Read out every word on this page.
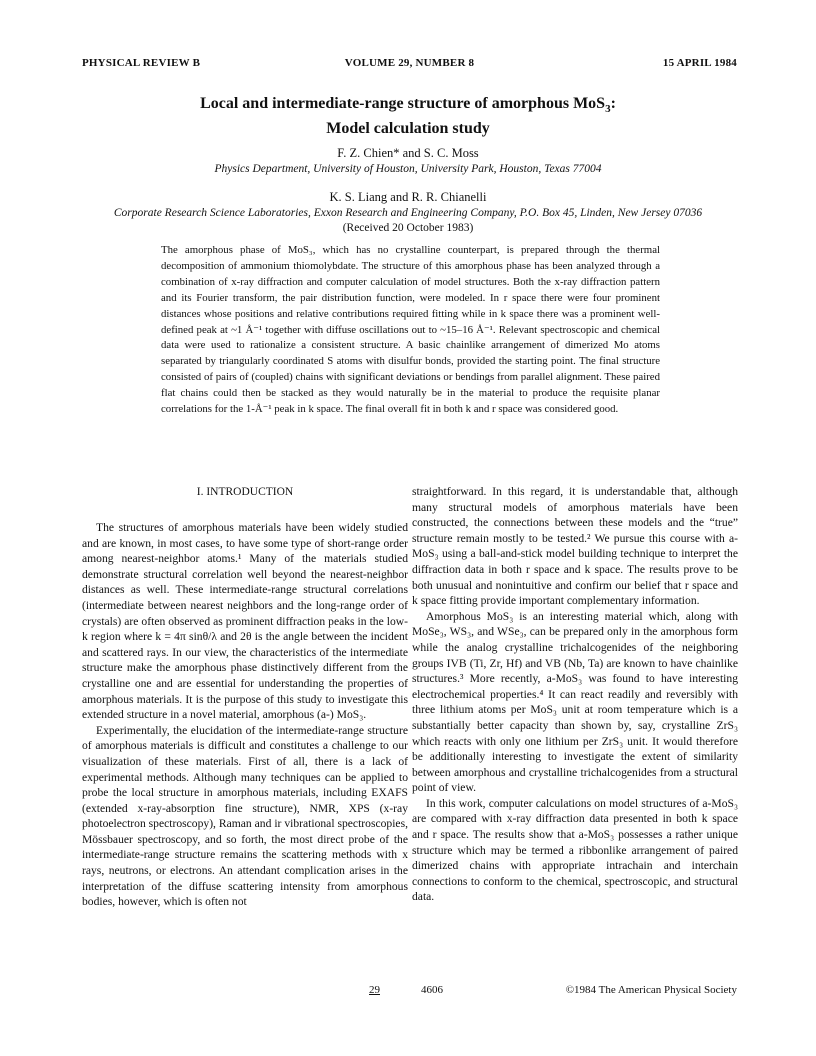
PHYSICAL REVIEW B	VOLUME 29, NUMBER 8	15 APRIL 1984
Local and intermediate-range structure of amorphous MoS$_3$:
Model calculation study
F. Z. Chien* and S. C. Moss
Physics Department, University of Houston, University Park, Houston, Texas 77004
K. S. Liang and R. R. Chianelli
Corporate Research Science Laboratories, Exxon Research and Engineering Company, P.O. Box 45, Linden, New Jersey 07036
(Received 20 October 1983)
The amorphous phase of MoS₃, which has no crystalline counterpart, is prepared through the thermal decomposition of ammonium thiomolybdate. The structure of this amorphous phase has been analyzed through a combination of x-ray diffraction and computer calculation of model structures. Both the x-ray diffraction pattern and its Fourier transform, the pair distribution function, were modeled. In r space there were four prominent distances whose positions and relative contributions required fitting while in k space there was a prominent well-defined peak at ~1 Å⁻¹ together with diffuse oscillations out to ~15–16 Å⁻¹. Relevant spectroscopic and chemical data were used to rationalize a consistent structure. A basic chainlike arrangement of dimerized Mo atoms separated by triangularly coordinated S atoms with disulfur bonds, provided the starting point. The final structure consisted of pairs of (coupled) chains with significant deviations or bendings from parallel alignment. These paired flat chains could then be stacked as they would naturally be in the material to produce the requisite planar correlations for the 1-Å⁻¹ peak in k space. The final overall fit in both k and r space was considered good.
I. INTRODUCTION

The structures of amorphous materials have been widely studied and are known, in most cases, to have some type of short-range order among nearest-neighbor atoms.¹ Many of the materials studied demonstrate structural correlation well beyond the nearest-neighbor distances as well. These intermediate-range structural correlations (intermediate between nearest neighbors and the long-range order of crystals) are often observed as prominent diffraction peaks in the low-k region where k = 4π sinθ/λ and 2θ is the angle between the incident and scattered rays. In our view, the characteristics of the intermediate structure make the amorphous phase distinctively different from the crystalline one and are essential for understanding the properties of amorphous materials. It is the purpose of this study to investigate this extended structure in a novel material, amorphous (a-) MoS₃.

Experimentally, the elucidation of the intermediate-range structure of amorphous materials is difficult and constitutes a challenge to our visualization of these materials. First of all, there is a lack of experimental methods. Although many techniques can be applied to probe the local structure in amorphous materials, including EXAFS (extended x-ray-absorption fine structure), NMR, XPS (x-ray photoelectron spectroscopy), Raman and ir vibrational spectroscopies, Mössbauer spectroscopy, and so forth, the most direct probe of the intermediate-range structure remains the scattering methods with x rays, neutrons, or electrons. An attendant complication arises in the interpretation of the diffuse scattering intensity from amorphous bodies, however, which is often not

straightforward. In this regard, it is understandable that, although many structural models of amorphous materials have been constructed, the connections between these models and the “true” structure remain mostly to be tested.² We pursue this course with a-MoS₃ using a ball-and-stick model building technique to interpret the diffraction data in both r space and k space. The results prove to be both unusual and nonintuitive and confirm our belief that r space and k space fitting provide important complementary information.

Amorphous MoS₃ is an interesting material which, along with MoSe₃, WS₃, and WSe₃, can be prepared only in the amorphous form while the analog crystalline trichalcogenides of the neighboring groups IVB (Ti, Zr, Hf) and VB (Nb, Ta) are known to have chainlike structures.³ More recently, a-MoS₃ was found to have interesting electrochemical properties.⁴ It can react readily and reversibly with three lithium atoms per MoS₃ unit at room temperature which is a substantially better capacity than shown by, say, crystalline ZrS₃ which reacts with only one lithium per ZrS₃ unit. It would therefore be additionally interesting to investigate the extent of similarity between amorphous and crystalline trichalcogenides from a structural point of view.

In this work, computer calculations on model structures of a-MoS₃ are compared with x-ray diffraction data presented in both k space and r space. The results show that a-MoS₃ possesses a rather unique structure which may be termed a ribbonlike arrangement of paired dimerized chains with appropriate intrachain and interchain connections to conform to the chemical, spectroscopic, and structural data.

29	4606	©1984 The American Physical Society
